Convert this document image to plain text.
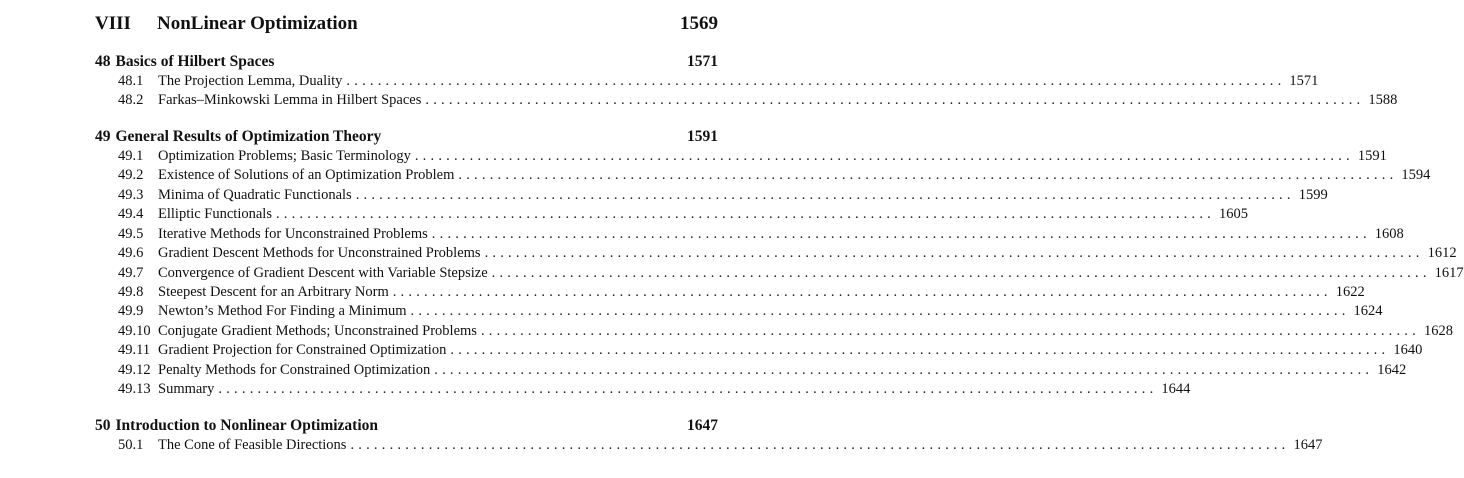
VIII	NonLinear Optimization	1569
48 Basics of Hilbert Spaces	1571
48.1	The Projection Lemma, Duality ........................................................................................................................ 1571
48.2	Farkas–Minkowski Lemma in Hilbert Spaces ........................................................................................................................ 1588
49 General Results of Optimization Theory	1591
49.1	Optimization Problems; Basic Terminology ........................................................................................................................ 1591
49.2	Existence of Solutions of an Optimization Problem ........................................................................................................................ 1594
49.3	Minima of Quadratic Functionals ........................................................................................................................ 1599
49.4	Elliptic Functionals ........................................................................................................................ 1605
49.5	Iterative Methods for Unconstrained Problems ........................................................................................................................ 1608
49.6	Gradient Descent Methods for Unconstrained Problems ........................................................................................................................ 1612
49.7	Convergence of Gradient Descent with Variable Stepsize ........................................................................................................................ 1617
49.8	Steepest Descent for an Arbitrary Norm ........................................................................................................................ 1622
49.9	Newton’s Method For Finding a Minimum ........................................................................................................................ 1624
49.10 Conjugate Gradient Methods; Unconstrained Problems ........................................................................................................................ 1628
49.11 Gradient Projection for Constrained Optimization ........................................................................................................................ 1640
49.12 Penalty Methods for Constrained Optimization ........................................................................................................................ 1642
49.13 Summary ........................................................................................................................ 1644
50 Introduction to Nonlinear Optimization	1647
50.1	The Cone of Feasible Directions ........................................................................................................................ 1647
